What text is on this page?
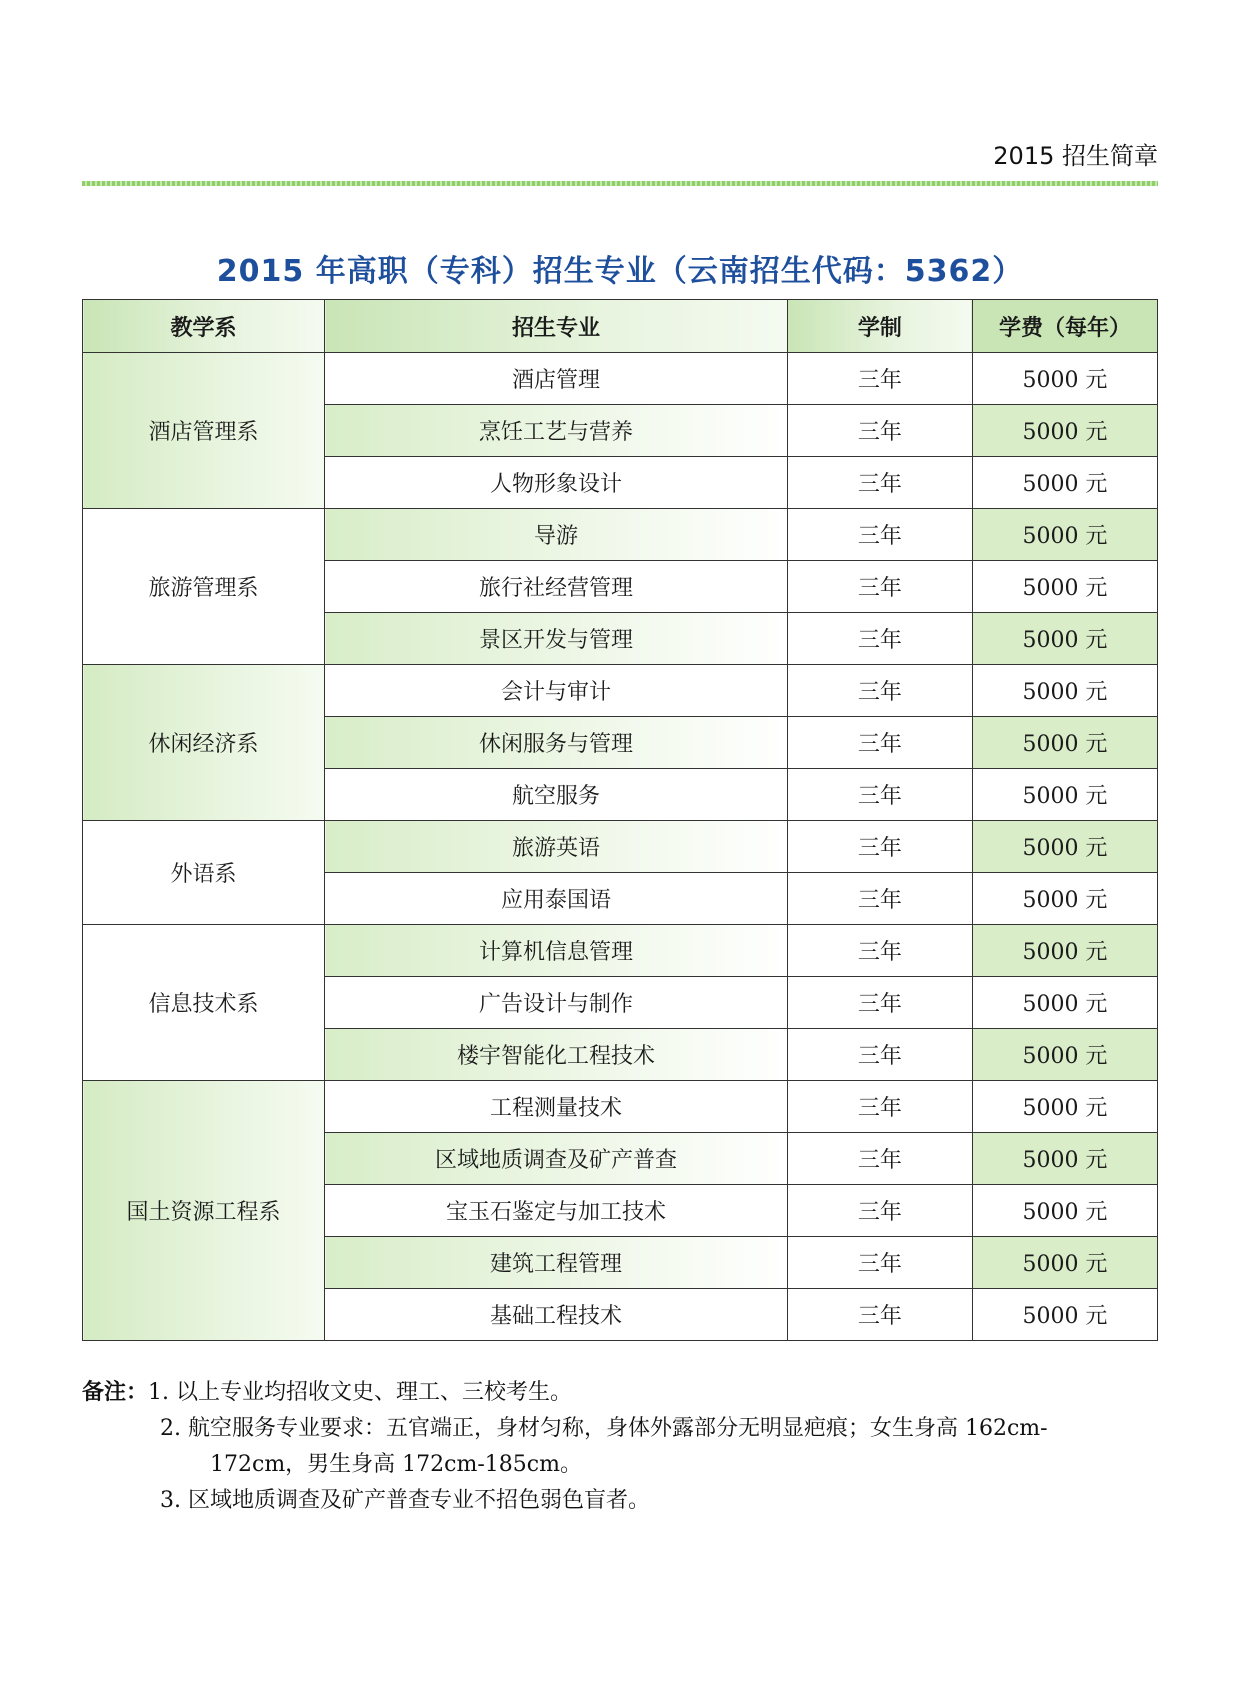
2015 招生简章
2015 年高职（专科）招生专业（云南招生代码：5362）
教学系	招生专业	学制	学费（每年）
酒店管理系	酒店管理	三年	5000 元
	烹饪工艺与营养	三年	5000 元
	人物形象设计	三年	5000 元
旅游管理系	导游	三年	5000 元
	旅行社经营管理	三年	5000 元
	景区开发与管理	三年	5000 元
休闲经济系	会计与审计	三年	5000 元
	休闲服务与管理	三年	5000 元
	航空服务	三年	5000 元
外语系	旅游英语	三年	5000 元
	应用泰国语	三年	5000 元
信息技术系	计算机信息管理	三年	5000 元
	广告设计与制作	三年	5000 元
	楼宇智能化工程技术	三年	5000 元
国土资源工程系	工程测量技术	三年	5000 元
	区域地质调查及矿产普查	三年	5000 元
	宝玉石鉴定与加工技术	三年	5000 元
	建筑工程管理	三年	5000 元
	基础工程技术	三年	5000 元
备注：1. 以上专业均招收文史、理工、三校考生。
2. 航空服务专业要求：五官端正，身材匀称，身体外露部分无明显疤痕；女生身高 162cm-
172cm，男生身高 172cm-185cm。
3. 区域地质调查及矿产普查专业不招色弱色盲者。
